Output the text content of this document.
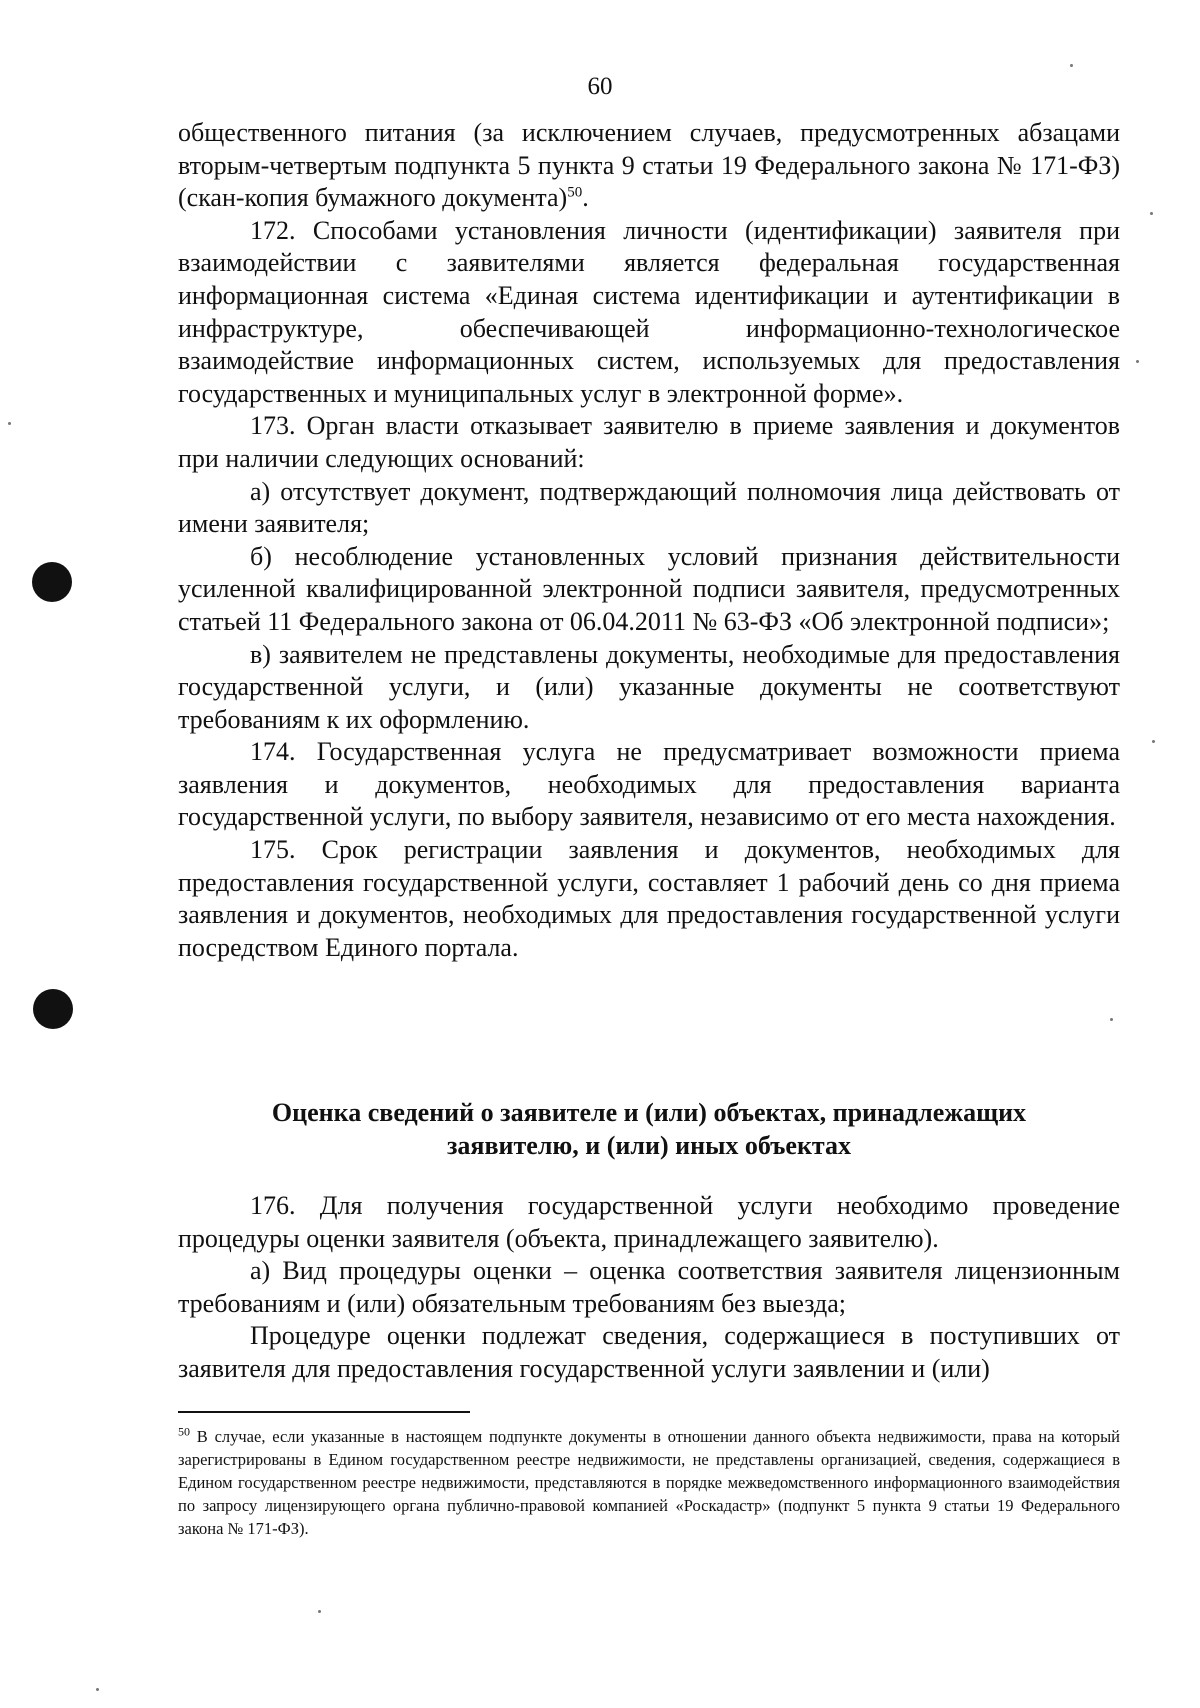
60

общественного питания (за исключением случаев, предусмотренных абзацами вторым-четвертым подпункта 5 пункта 9 статьи 19 Федерального закона № 171-ФЗ) (скан-копия бумажного документа)$^{50}$.

172. Способами установления личности (идентификации) заявителя при взаимодействии с заявителями является федеральная государственная информационная система «Единая система идентификации и аутентификации в инфраструктуре, обеспечивающей информационно-технологическое взаимодействие информационных систем, используемых для предоставления государственных и муниципальных услуг в электронной форме».

173. Орган власти отказывает заявителю в приеме заявления и документов при наличии следующих оснований:

а) отсутствует документ, подтверждающий полномочия лица действовать от имени заявителя;

б) несоблюдение установленных условий признания действительности усиленной квалифицированной электронной подписи заявителя, предусмотренных статьей 11 Федерального закона от 06.04.2011 № 63-ФЗ «Об электронной подписи»;

в) заявителем не представлены документы, необходимые для предоставления государственной услуги, и (или) указанные документы не соответствуют требованиям к их оформлению.

174. Государственная услуга не предусматривает возможности приема заявления и документов, необходимых для предоставления варианта государственной услуги, по выбору заявителя, независимо от его места нахождения.

175. Срок регистрации заявления и документов, необходимых для предоставления государственной услуги, составляет 1 рабочий день со дня приема заявления и документов, необходимых для предоставления государственной услуги посредством Единого портала.

Оценка сведений о заявителе и (или) объектах, принадлежащих
заявителю, и (или) иных объектах

176. Для получения государственной услуги необходимо проведение процедуры оценки заявителя (объекта, принадлежащего заявителю).

а) Вид процедуры оценки – оценка соответствия заявителя лицензионным требованиям и (или) обязательным требованиям без выезда;

Процедуре оценки подлежат сведения, содержащиеся в поступивших от заявителя для предоставления государственной услуги заявлении и (или)

$^{50}$ В случае, если указанные в настоящем подпункте документы в отношении данного объекта недвижимости, права на который зарегистрированы в Едином государственном реестре недвижимости, не представлены организацией, сведения, содержащиеся в Едином государственном реестре недвижимости, представляются в порядке межведомственного информационного взаимодействия по запросу лицензирующего органа публично-правовой компанией «Роскадастр» (подпункт 5 пункта 9 статьи 19 Федерального закона № 171-ФЗ).
